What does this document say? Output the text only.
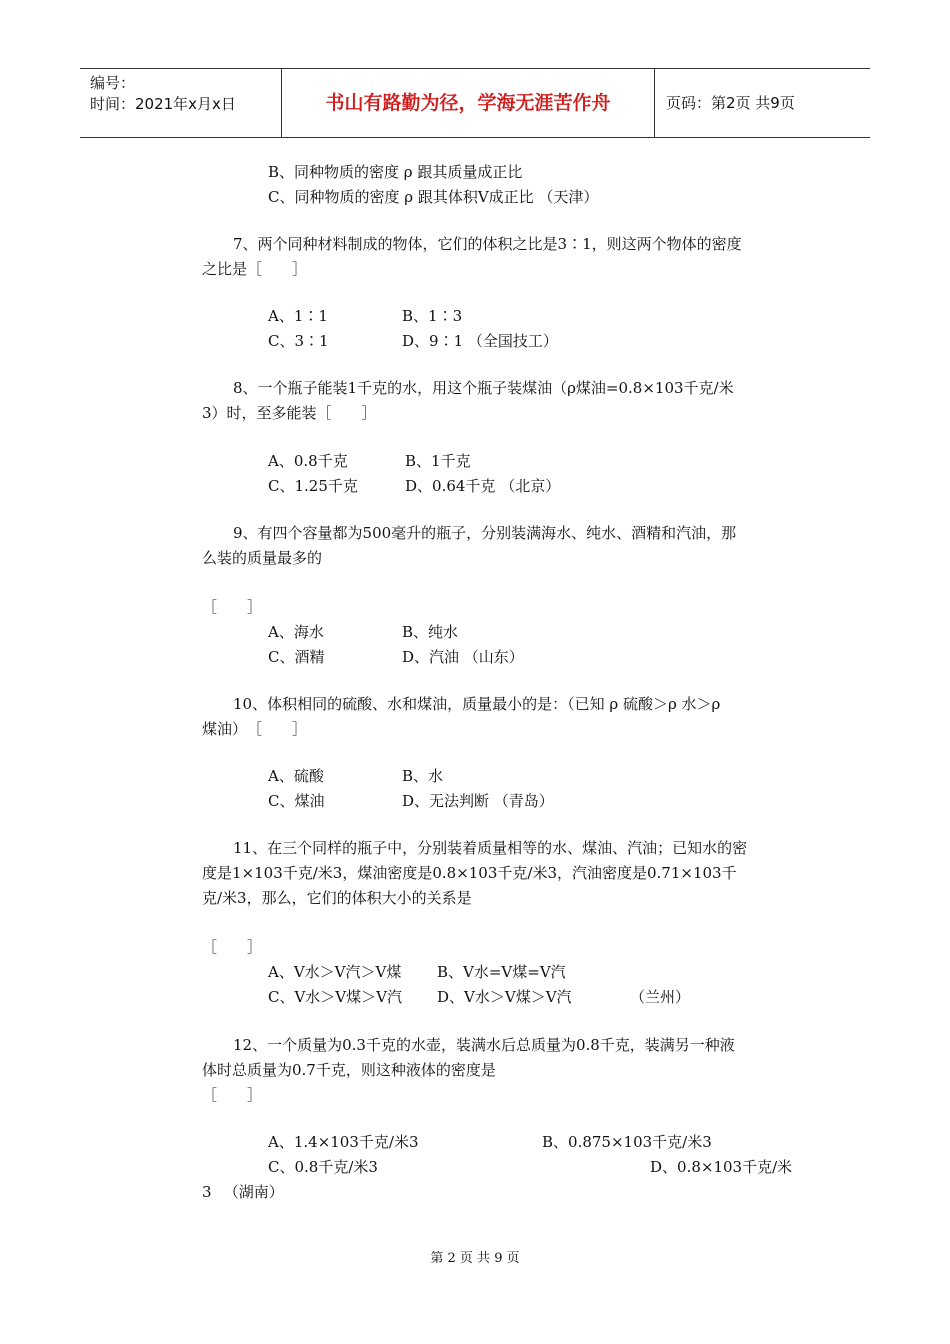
编号：
时间：2021年x月x日	书山有路勤为径，学海无涯苦作舟	页码：第2页 共9页
B、同种物质的密度 ρ 跟其质量成正比
C、同种物质的密度 ρ 跟其体积V成正比 （天津）
7、两个同种材料制成的物体，它们的体积之比是3∶1，则这两个物体的密度
之比是［　　］
A、1∶1	B、1∶3
C、3∶1	D、9∶1 （全国技工）
8、一个瓶子能装1千克的水，用这个瓶子装煤油（ρ煤油=0.8×103千克/米
3）时，至多能装［　　］
A、0.8千克	B、1千克
C、1.25千克	D、0.64千克 （北京）
9、有四个容量都为500毫升的瓶子，分别装满海水、纯水、酒精和汽油，那
么装的质量最多的
［　　］
A、海水	B、纯水
C、酒精	D、汽油 （山东）
10、体积相同的硫酸、水和煤油，质量最小的是：（已知 ρ 硫酸＞ρ 水＞ρ
煤油）　［　　］
A、硫酸	B、水
C、煤油	D、无法判断 （青岛）
11、在三个同样的瓶子中，分别装着质量相等的水、煤油、汽油；已知水的密
度是1×103千克/米3，煤油密度是0.8×103千克/米3，汽油密度是0.71×103千
克/米3，那么，它们的体积大小的关系是
［　　］
A、V水＞V汽＞V煤 B、V水=V煤=V汽
C、V水＞V煤＞V汽 D、V水＞V煤＞V汽	（兰州）
12、一个质量为0.3千克的水壶，装满水后总质量为0.8千克，装满另一种液
体时总质量为0.7千克，则这种液体的密度是
［　　］
A、1.4×103千克/米3	B、0.875×103千克/米3
C、0.8千克/米3	D、0.8×103千克/米
3 　（湖南）
第 2 页 共 9 页
